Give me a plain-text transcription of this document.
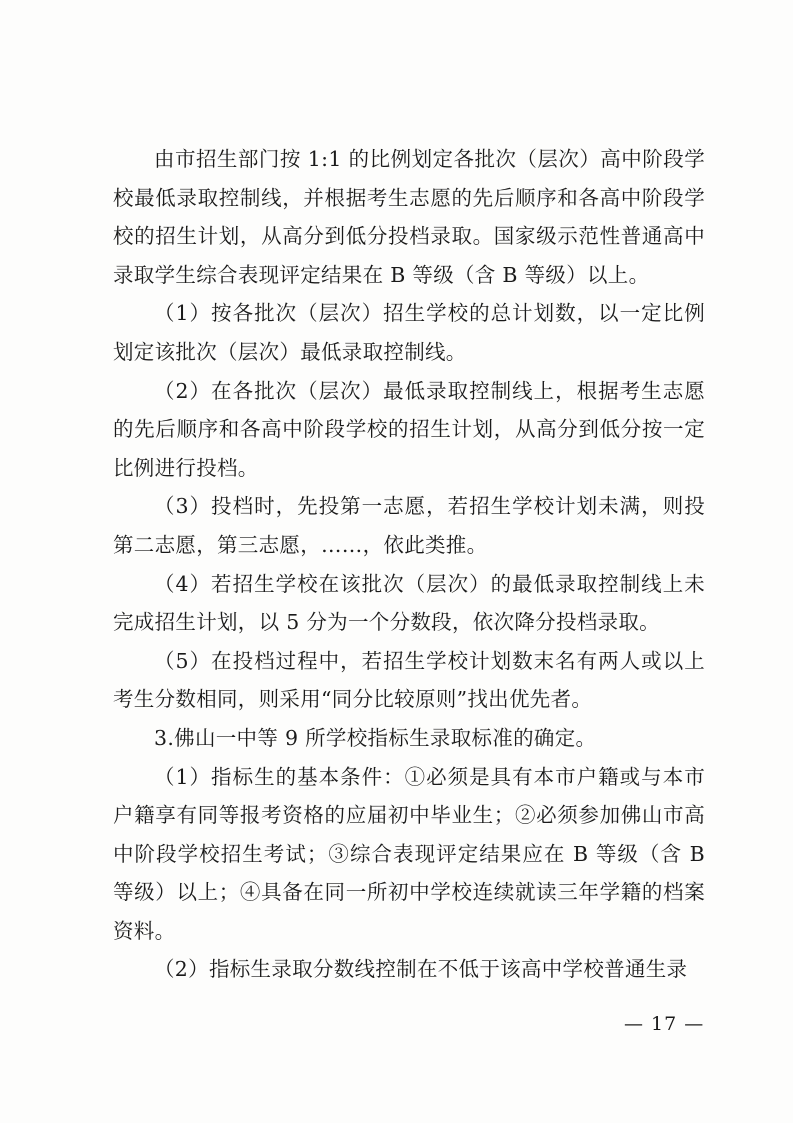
由市招生部门按 1:1 的比例划定各批次（层次）高中阶段学校最低录取控制线，并根据考生志愿的先后顺序和各高中阶段学校的招生计划，从高分到低分投档录取。国家级示范性普通高中录取学生综合表现评定结果在 B 等级（含 B 等级）以上。

（1）按各批次（层次）招生学校的总计划数，以一定比例划定该批次（层次）最低录取控制线。

（2）在各批次（层次）最低录取控制线上，根据考生志愿的先后顺序和各高中阶段学校的招生计划，从高分到低分按一定比例进行投档。

（3）投档时，先投第一志愿，若招生学校计划未满，则投第二志愿，第三志愿，……，依此类推。

（4）若招生学校在该批次（层次）的最低录取控制线上未完成招生计划，以 5 分为一个分数段，依次降分投档录取。

（5）在投档过程中，若招生学校计划数末名有两人或以上考生分数相同，则采用“同分比较原则”找出优先者。

3.佛山一中等 9 所学校指标生录取标准的确定。

（1）指标生的基本条件：①必须是具有本市户籍或与本市户籍享有同等报考资格的应届初中毕业生；②必须参加佛山市高中阶段学校招生考试；③综合表现评定结果应在 B 等级（含 B 等级）以上；④具备在同一所初中学校连续就读三年学籍的档案资料。

（2）指标生录取分数线控制在不低于该高中学校普通生录

— 17 —
